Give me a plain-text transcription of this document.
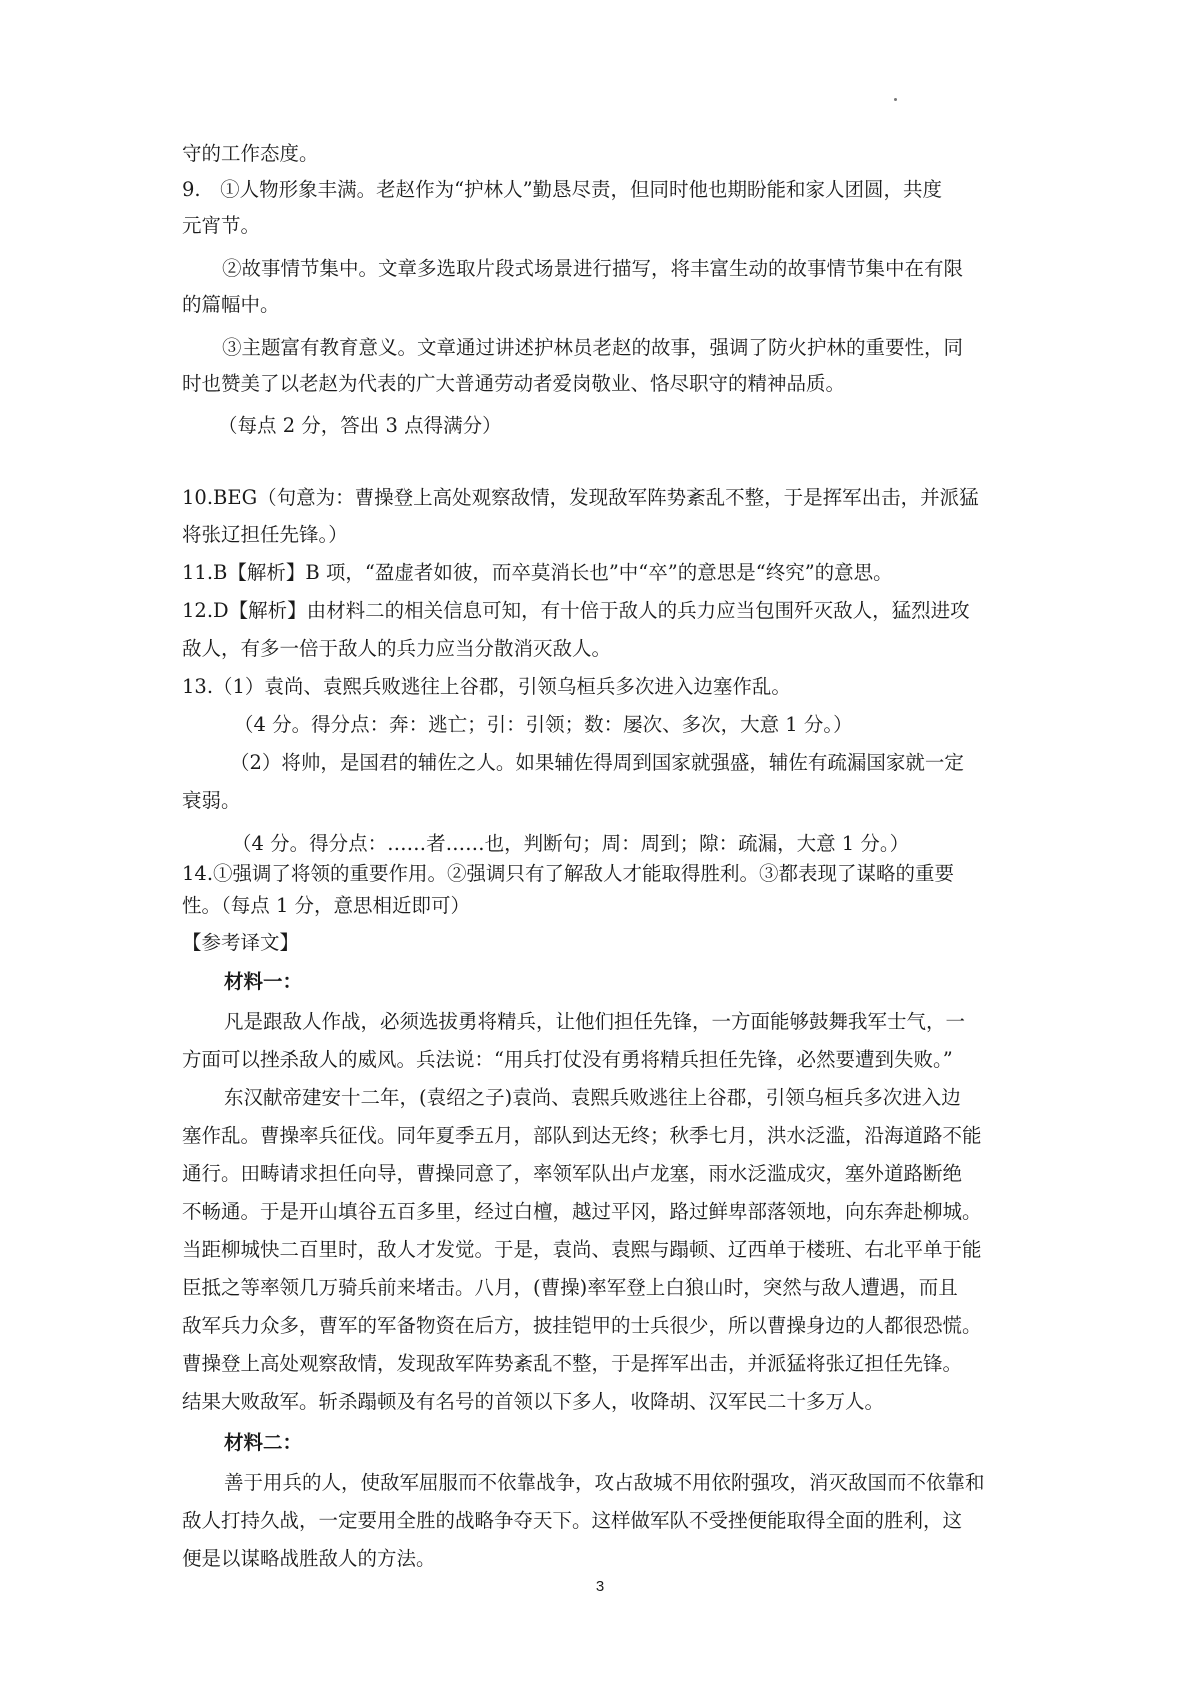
守的工作态度。
9.　①人物形象丰满。老赵作为“护林人”勤恳尽责，但同时他也期盼能和家人团圆，共度
元宵节。
②故事情节集中。文章多选取片段式场景进行描写，将丰富生动的故事情节集中在有限
的篇幅中。
③主题富有教育意义。文章通过讲述护林员老赵的故事，强调了防火护林的重要性，同
时也赞美了以老赵为代表的广大普通劳动者爱岗敬业、恪尽职守的精神品质。
（每点 2 分，答出 3 点得满分）
10.BEG（句意为：曹操登上高处观察敌情，发现敌军阵势紊乱不整，于是挥军出击，并派猛
将张辽担任先锋。）
11.B【解析】B 项，“盈虚者如彼，而卒莫消长也”中“卒”的意思是“终究”的意思。
12.D【解析】由材料二的相关信息可知，有十倍于敌人的兵力应当包围歼灭敌人，猛烈进攻
敌人，有多一倍于敌人的兵力应当分散消灭敌人。
13.（1）袁尚、袁熙兵败逃往上谷郡，引领乌桓兵多次进入边塞作乱。
（4 分。得分点：奔：逃亡；引：引领；数：屡次、多次，大意 1 分。）
（2）将帅，是国君的辅佐之人。如果辅佐得周到国家就强盛，辅佐有疏漏国家就一定
衰弱。
（4 分。得分点：……者……也，判断句；周：周到；隙：疏漏，大意 1 分。）
14.①强调了将领的重要作用。②强调只有了解敌人才能取得胜利。③都表现了谋略的重要
性。（每点 1 分，意思相近即可）
【参考译文】
材料一：
凡是跟敌人作战，必须选拔勇将精兵，让他们担任先锋，一方面能够鼓舞我军士气，一
方面可以挫杀敌人的威风。兵法说：“用兵打仗没有勇将精兵担任先锋，必然要遭到失败。”
东汉献帝建安十二年，(袁绍之子)袁尚、袁熙兵败逃往上谷郡，引领乌桓兵多次进入边
塞作乱。曹操率兵征伐。同年夏季五月，部队到达无终；秋季七月，洪水泛滥，沿海道路不能
通行。田畴请求担任向导，曹操同意了，率领军队出卢龙塞，雨水泛滥成灾，塞外道路断绝
不畅通。于是开山填谷五百多里，经过白檀，越过平冈，路过鲜卑部落领地，向东奔赴柳城。
当距柳城快二百里时，敌人才发觉。于是，袁尚、袁熙与蹋顿、辽西单于楼班、右北平单于能
臣抵之等率领几万骑兵前来堵击。八月，(曹操)率军登上白狼山时，突然与敌人遭遇，而且
敌军兵力众多，曹军的军备物资在后方，披挂铠甲的士兵很少，所以曹操身边的人都很恐慌。
曹操登上高处观察敌情，发现敌军阵势紊乱不整，于是挥军出击，并派猛将张辽担任先锋。
结果大败敌军。斩杀蹋顿及有名号的首领以下多人，收降胡、汉军民二十多万人。
材料二：
善于用兵的人，使敌军屈服而不依靠战争，攻占敌城不用依附强攻，消灭敌国而不依靠和
敌人打持久战，一定要用全胜的战略争夺天下。这样做军队不受挫便能取得全面的胜利，这
便是以谋略战胜敌人的方法。
3
